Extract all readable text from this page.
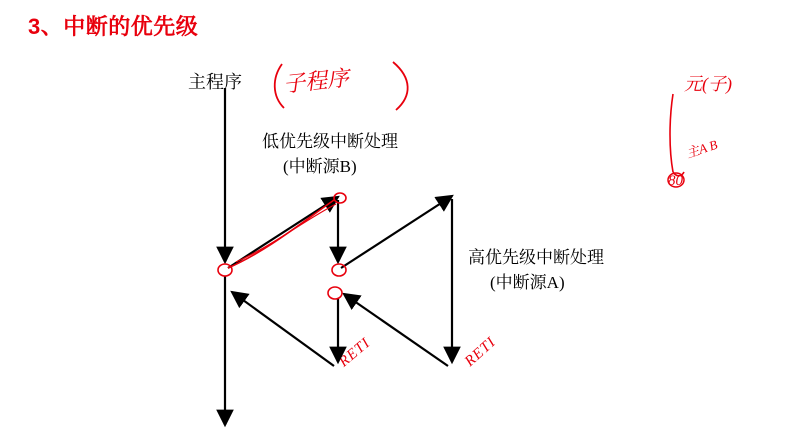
3、中断的优先级
主程序
低优先级中断处理
(中断源B)
高优先级中断处理
(中断源A)
RETI	RETI
子程序	元(子)
主A B
80
